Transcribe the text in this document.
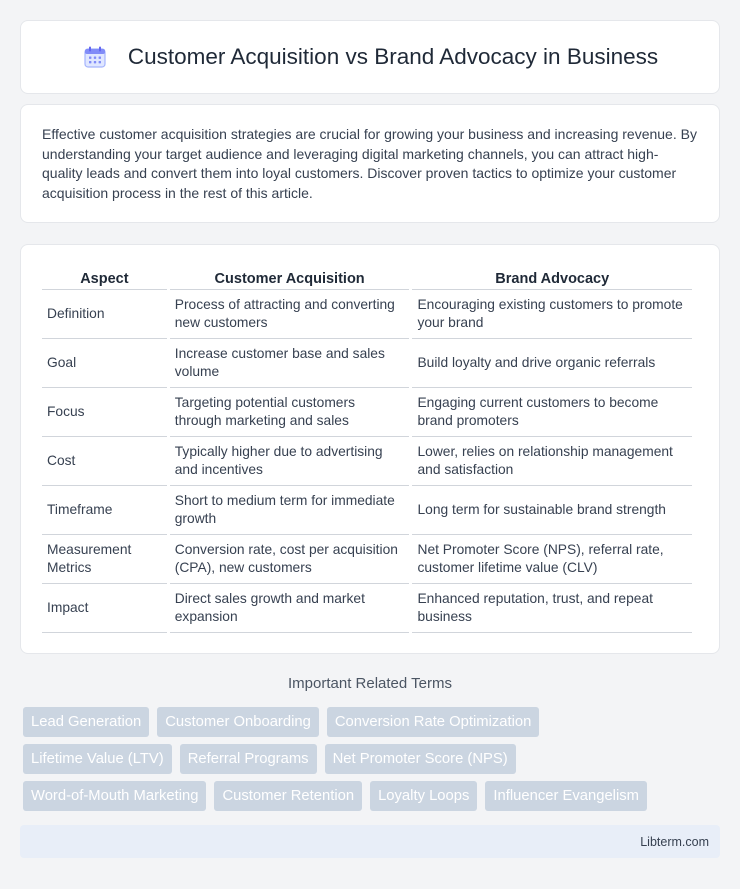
Customer Acquisition vs Brand Advocacy in Business

Effective customer acquisition strategies are crucial for growing your business and increasing revenue. By understanding your target audience and leveraging digital marketing channels, you can attract high-quality leads and convert them into loyal customers. Discover proven tactics to optimize your customer acquisition process in the rest of this article.

Aspect	Customer Acquisition	Brand Advocacy
Definition	Process of attracting and converting new customers	Encouraging existing customers to promote your brand
Goal	Increase customer base and sales volume	Build loyalty and drive organic referrals
Focus	Targeting potential customers through marketing and sales	Engaging current customers to become brand promoters
Cost	Typically higher due to advertising and incentives	Lower, relies on relationship management and satisfaction
Timeframe	Short to medium term for immediate growth	Long term for sustainable brand strength
Measurement Metrics	Conversion rate, cost per acquisition (CPA), new customers	Net Promoter Score (NPS), referral rate, customer lifetime value (CLV)
Impact	Direct sales growth and market expansion	Enhanced reputation, trust, and repeat business
Important Related Terms
Lead Generation	Customer Onboarding	Conversion Rate Optimization
Lifetime Value (LTV)	Referral Programs	Net Promoter Score (NPS)
Word-of-Mouth Marketing	Customer Retention	Loyalty Loops	Influencer Evangelism
Libterm.com
